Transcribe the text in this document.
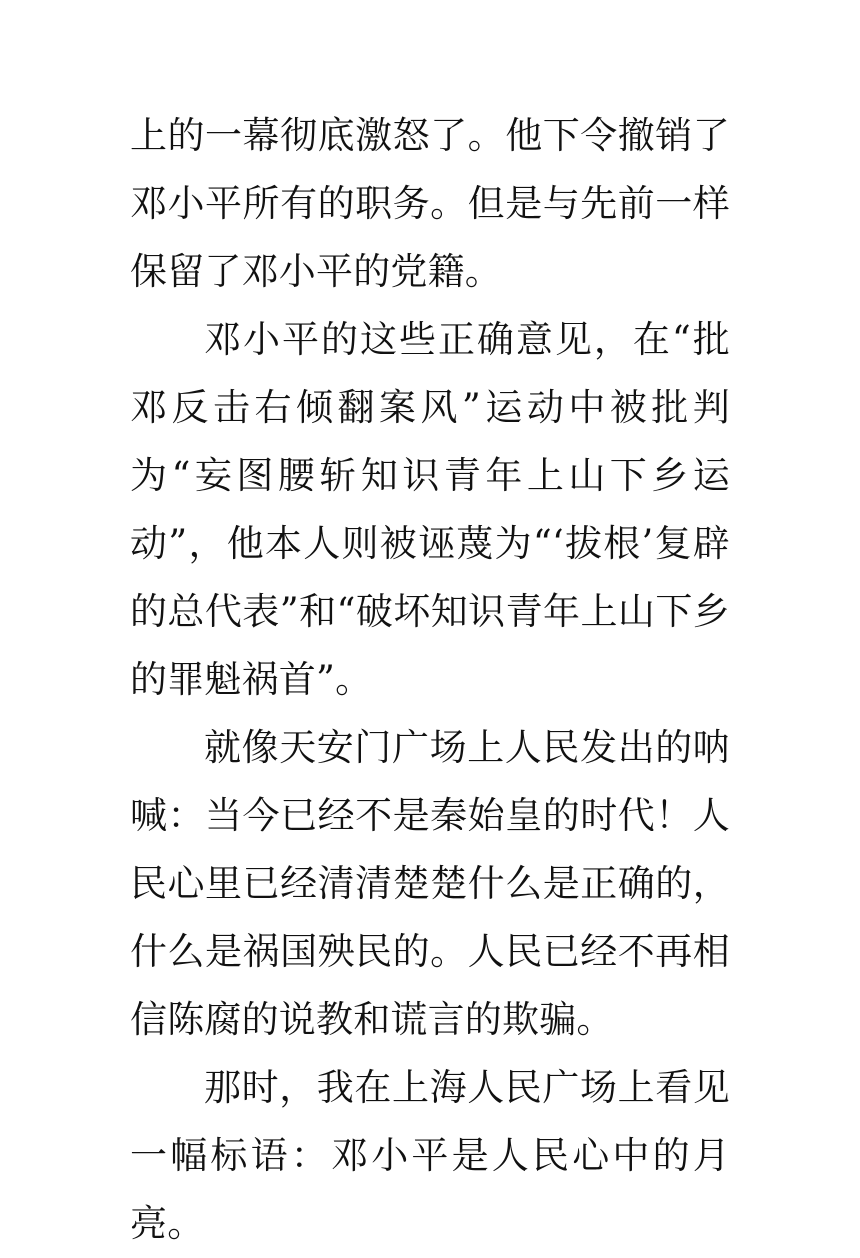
上的一幕彻底激怒了。他下令撤销了邓小平所有的职务。但是与先前一样保留了邓小平的党籍。

邓小平的这些正确意见，在“批邓反击右倾翻案风”运动中被批判为“妄图腰斩知识青年上山下乡运动”，他本人则被诬蔑为“‘拔根’复辟的总代表”和“破坏知识青年上山下乡的罪魁祸首”。

就像天安门广场上人民发出的呐喊：当今已经不是秦始皇的时代！人民心里已经清清楚楚什么是正确的，什么是祸国殃民的。人民已经不再相信陈腐的说教和谎言的欺骗。

那时，我在上海人民广场上看见一幅标语：邓小平是人民心中的月亮。
